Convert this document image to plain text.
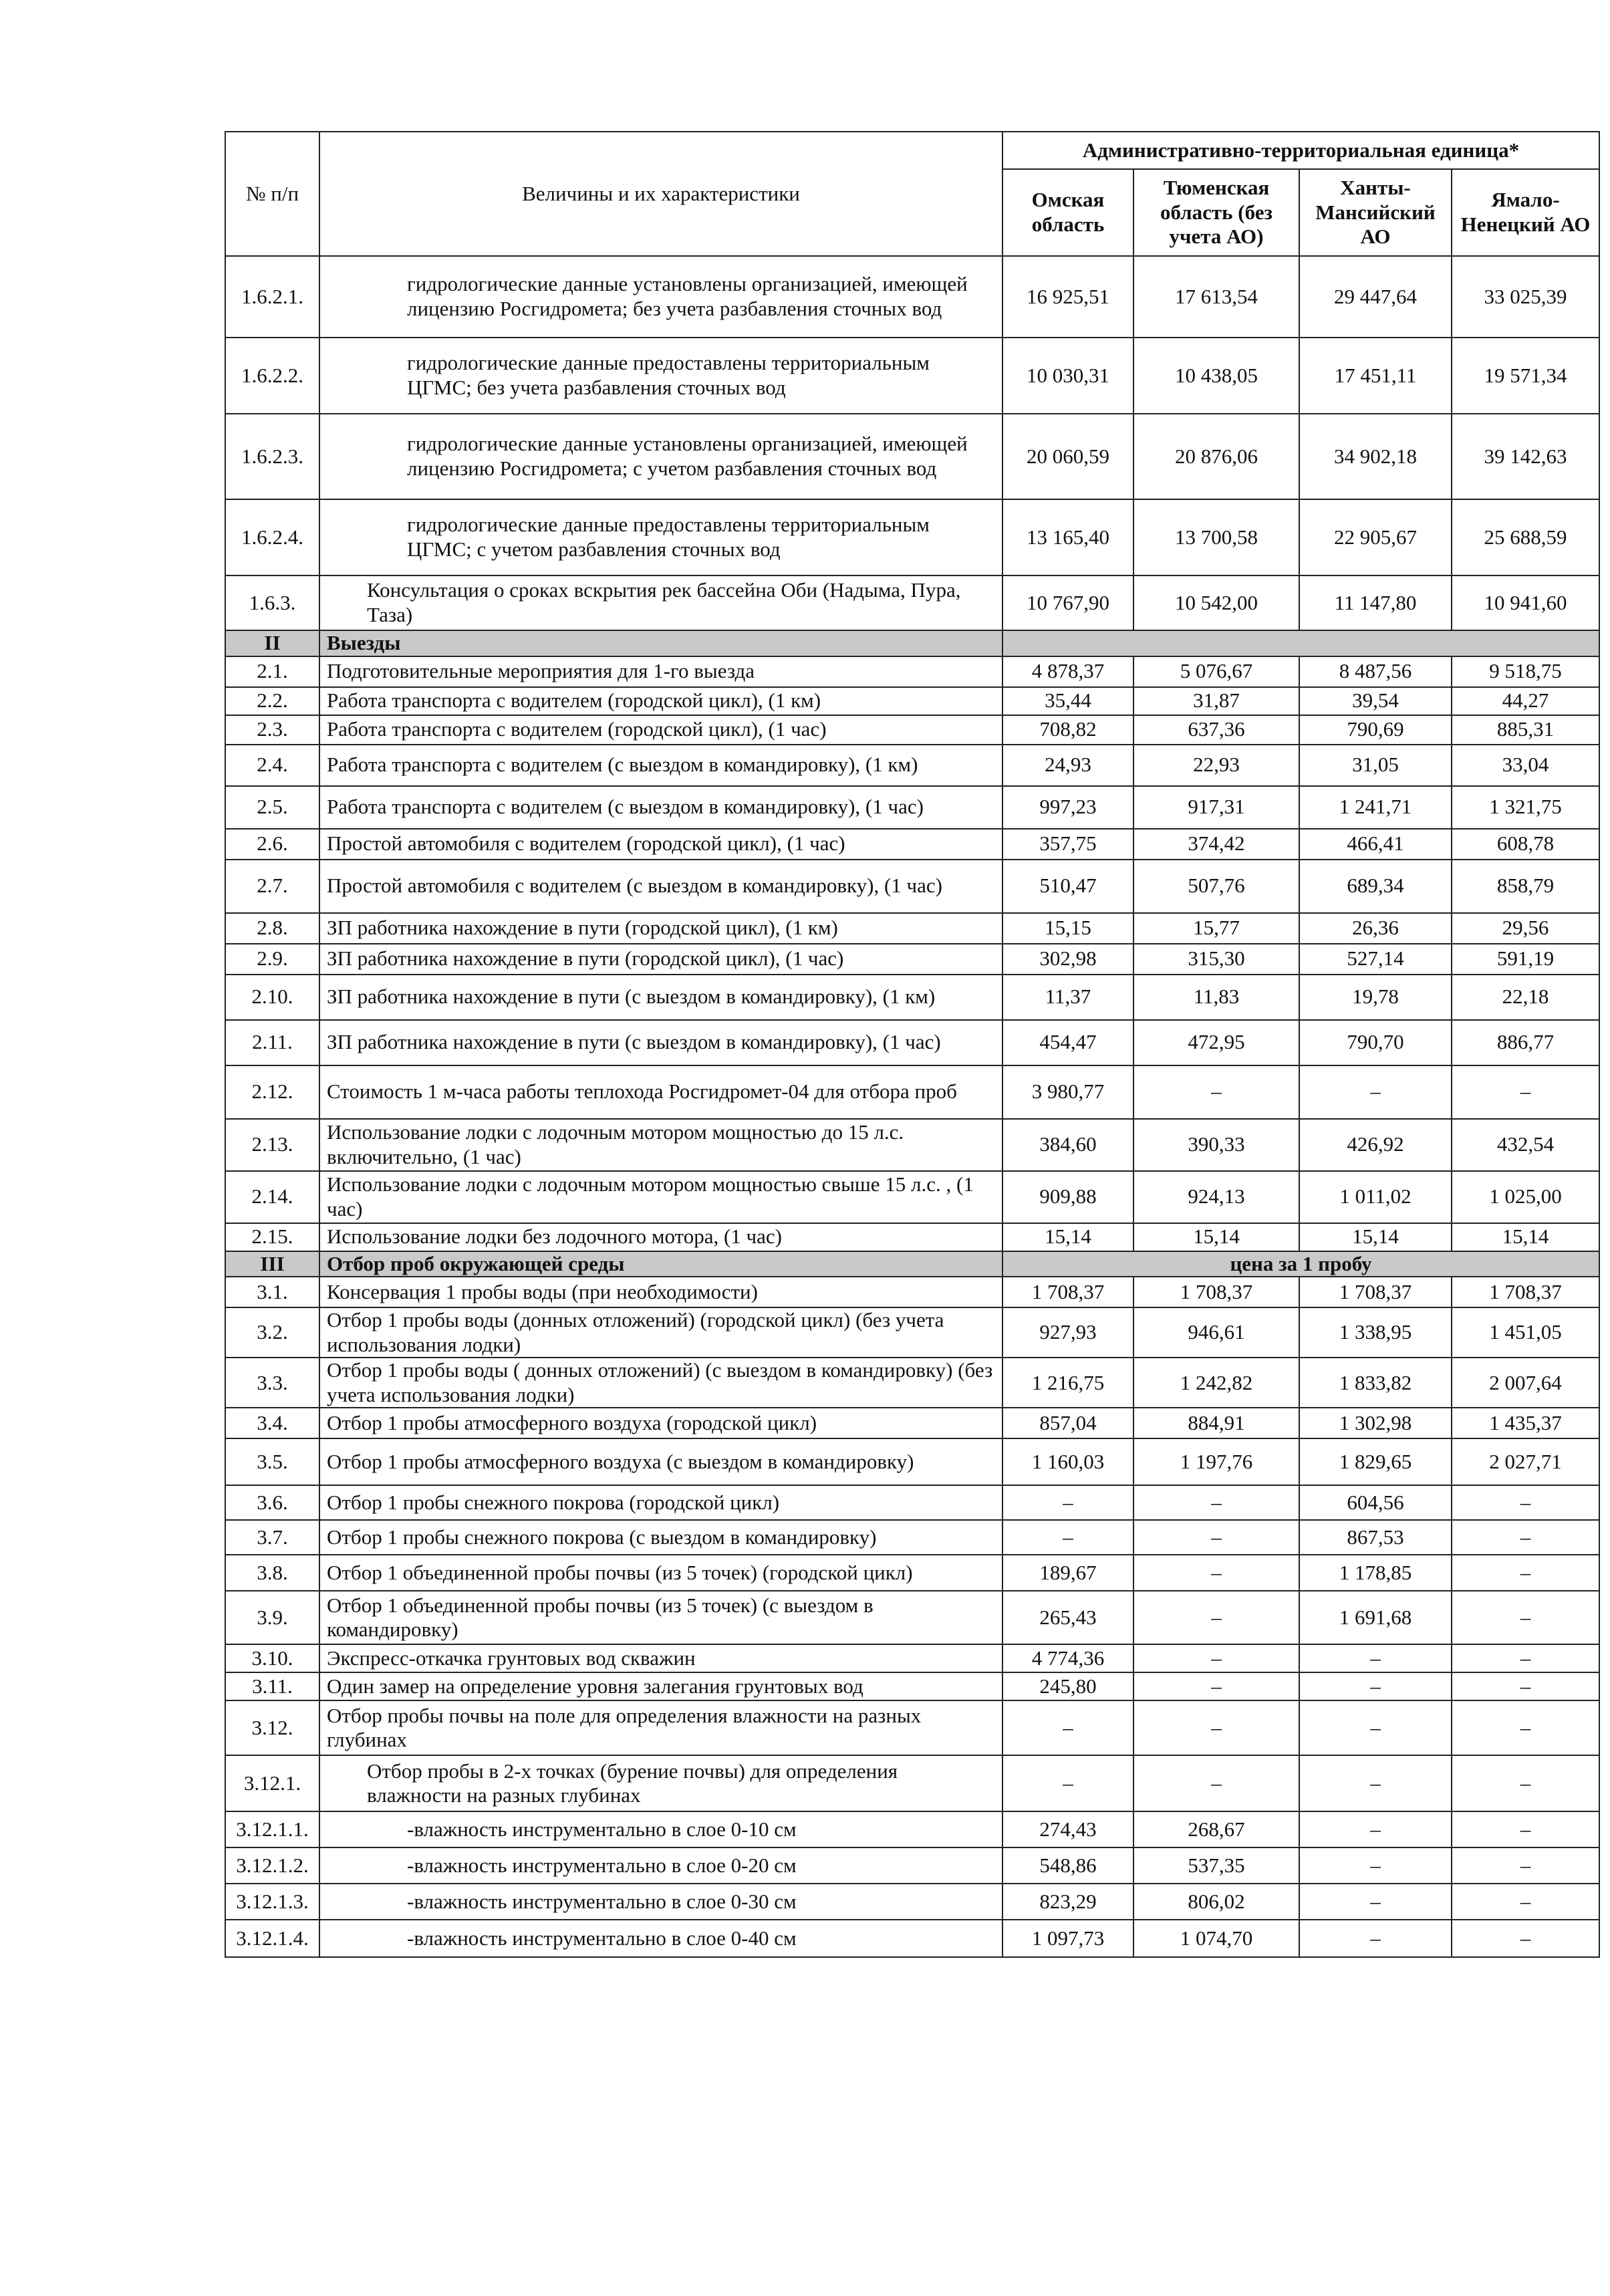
№ п/п	Величины и их характеристики	Административно-территориальная единица*			
		Омская область	Тюменская область (без учета АО)	Ханты-Мансийский АО	Ямало-Ненецкий АО
1.6.2.1.	гидрологические данные установлены организацией, имеющей лицензию Росгидромета; без учета разбавления сточных вод	16 925,51	17 613,54	29 447,64	33 025,39
1.6.2.2.	гидрологические данные предоставлены территориальным ЦГМС; без учета разбавления сточных вод	10 030,31	10 438,05	17 451,11	19 571,34
1.6.2.3.	гидрологические данные установлены организацией, имеющей лицензию Росгидромета; с учетом разбавления сточных вод	20 060,59	20 876,06	34 902,18	39 142,63
1.6.2.4.	гидрологические данные предоставлены территориальным ЦГМС; с учетом разбавления сточных вод	13 165,40	13 700,58	22 905,67	25 688,59
1.6.3.	Консультация о сроках вскрытия рек бассейна Оби (Надыма, Пура, Таза)	10 767,90	10 542,00	11 147,80	10 941,60
II	Выезды				
2.1.	Подготовительные мероприятия для 1-го выезда	4 878,37	5 076,67	8 487,56	9 518,75
2.2.	Работа транспорта с водителем (городской цикл), (1 км)	35,44	31,87	39,54	44,27
2.3.	Работа транспорта с водителем (городской цикл), (1 час)	708,82	637,36	790,69	885,31
2.4.	Работа транспорта с водителем (с выездом в командировку), (1 км)	24,93	22,93	31,05	33,04
2.5.	Работа транспорта с водителем (с выездом в командировку), (1 час)	997,23	917,31	1 241,71	1 321,75
2.6.	Простой автомобиля с водителем (городской цикл), (1 час)	357,75	374,42	466,41	608,78
2.7.	Простой автомобиля с водителем (с выездом в командировку), (1 час)	510,47	507,76	689,34	858,79
2.8.	ЗП работника нахождение в пути (городской цикл), (1 км)	15,15	15,77	26,36	29,56
2.9.	ЗП работника нахождение в пути (городской цикл), (1 час)	302,98	315,30	527,14	591,19
2.10.	ЗП работника нахождение в пути (с выездом в командировку), (1 км)	11,37	11,83	19,78	22,18
2.11.	ЗП работника нахождение в пути (с выездом в командировку), (1 час)	454,47	472,95	790,70	886,77
2.12.	Стоимость 1 м-часа работы теплохода Росгидромет-04 для отбора проб	3 980,77	–	–	–
2.13.	Использование лодки с лодочным мотором мощностью до 15 л.с. включительно, (1 час)	384,60	390,33	426,92	432,54
2.14.	Использование лодки с лодочным мотором мощностью свыше 15 л.с. , (1 час)	909,88	924,13	1 011,02	1 025,00
2.15.	Использование лодки без лодочного мотора, (1 час)	15,14	15,14	15,14	15,14
III	Отбор проб окружающей среды	цена за 1 пробу			
3.1.	Консервация 1 пробы воды (при необходимости)	1 708,37	1 708,37	1 708,37	1 708,37
3.2.	Отбор 1 пробы воды (донных отложений) (городской цикл) (без учета использования лодки)	927,93	946,61	1 338,95	1 451,05
3.3.	Отбор 1 пробы воды ( донных отложений) (с выездом в командировку) (без учета использования лодки)	1 216,75	1 242,82	1 833,82	2 007,64
3.4.	Отбор 1 пробы атмосферного воздуха (городской цикл)	857,04	884,91	1 302,98	1 435,37
3.5.	Отбор 1 пробы атмосферного воздуха (с выездом в командировку)	1 160,03	1 197,76	1 829,65	2 027,71
3.6.	Отбор 1 пробы снежного покрова (городской цикл)	–	–	604,56	–
3.7.	Отбор 1 пробы снежного покрова (с выездом в командировку)	–	–	867,53	–
3.8.	Отбор 1 объединенной пробы почвы (из 5 точек) (городской цикл)	189,67	–	1 178,85	–
3.9.	Отбор 1 объединенной пробы почвы (из 5 точек) (с выездом в командировку)	265,43	–	1 691,68	–
3.10.	Экспресс-откачка грунтовых вод скважин	4 774,36	–	–	–
3.11.	Один замер на определение уровня залегания грунтовых вод	245,80	–	–	–
3.12.	Отбор пробы почвы на поле для определения влажности на разных глубинах	–	–	–	–
3.12.1.	Отбор пробы в 2-х точках (бурение почвы) для определения влажности на разных глубинах	–	–	–	–
3.12.1.1.	-влажность инструментально в слое 0-10 см	274,43	268,67	–	–
3.12.1.2.	-влажность инструментально в слое 0-20 см	548,86	537,35	–	–
3.12.1.3.	-влажность инструментально в слое 0-30 см	823,29	806,02	–	–
3.12.1.4.	-влажность инструментально в слое 0-40 см	1 097,73	1 074,70	–	–
